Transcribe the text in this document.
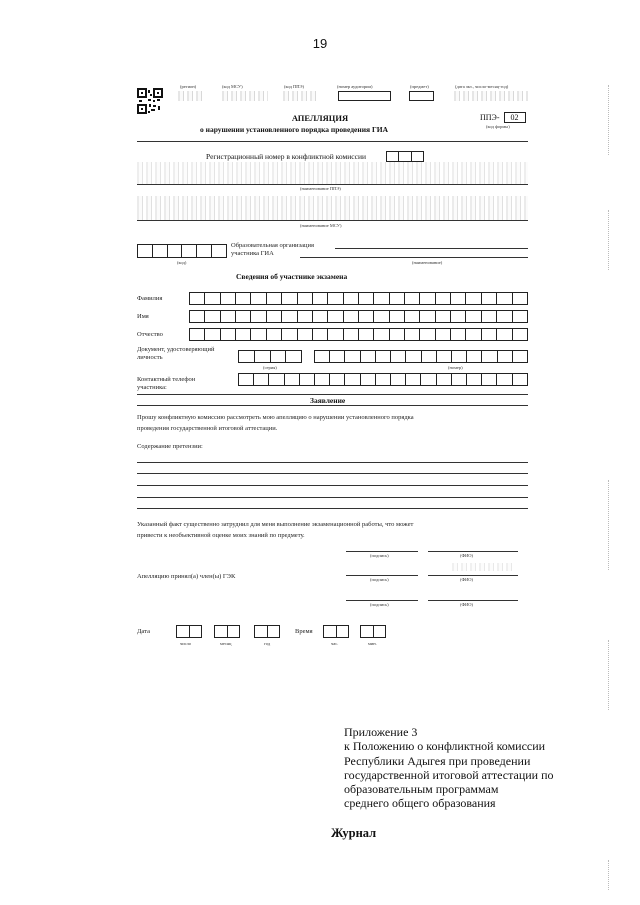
19
(регион)	(код МСУ)	(код ППЭ)	(номер аудитории)	(предмет)	(дата экз., число-месяц-год)
АПЕЛЛЯЦИЯ
о нарушении установленного порядка проведения ГИА
ППЭ- 02
(код формы)
Регистрационный номер в конфликтной комиссии
(наименование ППЭ)
(наименование МСУ)
Образовательная организация
участника ГИА
(код)	(наименование)
Сведения об участнике экзамена
Фамилия
Имя
Отчество
Документ, удостоверяющий
личность
(серия)	(номер)
Контактный телефон
участника:
Заявление
Прошу конфликтную комиссию рассмотреть мою апелляцию о нарушении установленного порядка
проведения государственной итоговой аттестации.
Содержание претензии:
Указанный факт существенно затруднил для меня выполнение экзаменационной работы, что может
привести к необъективной оценке моих знаний по предмету.
(подпись)	(ФИО)
Апелляцию принял(а) член(ы) ГЭК	(подпись)	(ФИО)
(подпись)	(ФИО)
Дата	Время
число	месяц	год	час.	мин.
Приложение 3
к Положению о конфликтной комиссии
Республики Адыгея при проведении
государственной итоговой аттестации по
образовательным программам
среднего общего образования
Журнал
